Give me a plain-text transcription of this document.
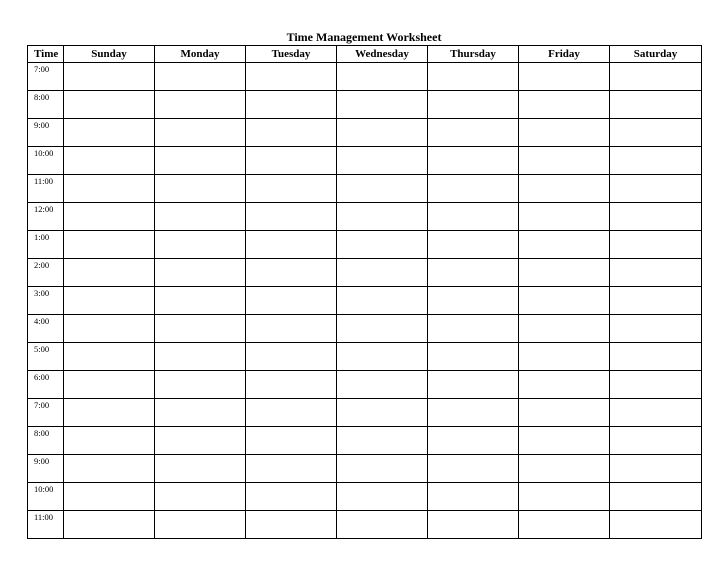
Time Management Worksheet
Time	Sunday	Monday	Tuesday	Wednesday	Thursday	Friday	Saturday
7:00							
8:00							
9:00							
10:00							
11:00							
12:00							
1:00							
2:00							
3:00							
4:00							
5:00							
6:00							
7:00							
8:00							
9:00							
10:00							
11:00							
